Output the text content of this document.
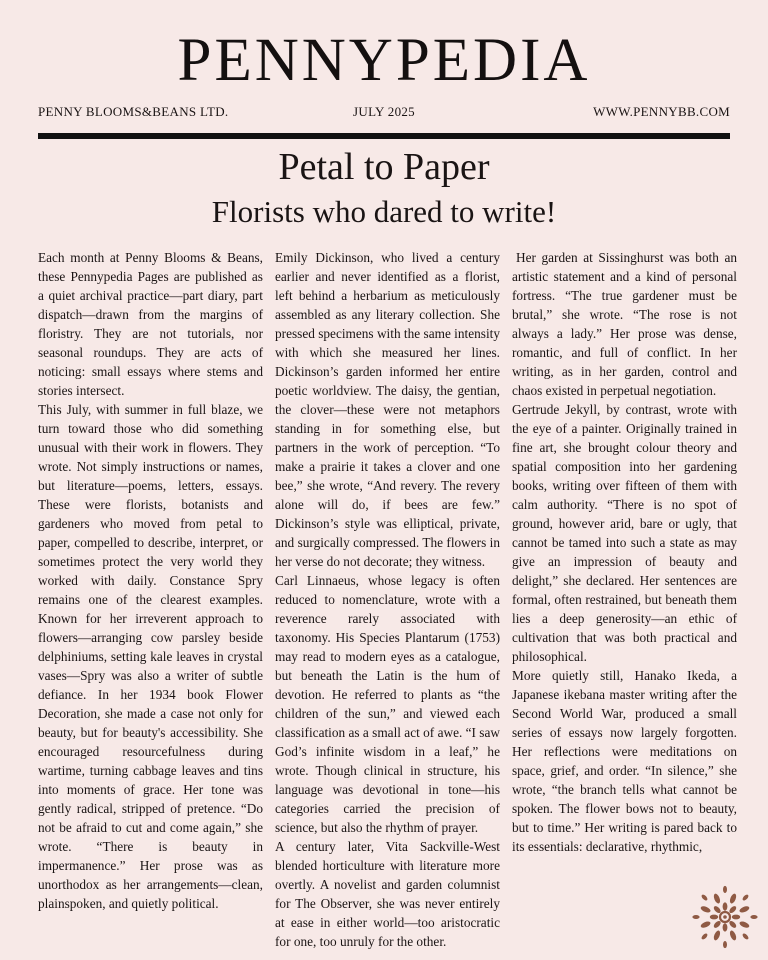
PENNYPEDIA
PENNY BLOOMS&BEANS LTD.	JULY 2025	WWW.PENNYBB.COM
Petal to Paper
Florists who dared to write!

Each month at Penny Blooms & Beans, these Pennypedia Pages are published as a quiet archival practice—part diary, part dispatch—drawn from the margins of floristry. They are not tutorials, nor seasonal roundups. They are acts of noticing: small essays where stems and stories intersect.

This July, with summer in full blaze, we turn toward those who did something unusual with their work in flowers. They wrote. Not simply instructions or names, but literature—poems, letters, essays. These were florists, botanists and gardeners who moved from petal to paper, compelled to describe, interpret, or sometimes protect the very world they worked with daily. Constance Spry remains one of the clearest examples. Known for her irreverent approach to flowers—arranging cow parsley beside delphiniums, setting kale leaves in crystal vases—Spry was also a writer of subtle defiance. In her 1934 book Flower Decoration, she made a case not only for beauty, but for beauty's accessibility. She encouraged resourcefulness during wartime, turning cabbage leaves and tins into moments of grace. Her tone was gently radical, stripped of pretence. “Do not be afraid to cut and come again,” she wrote. “There is beauty in impermanence.” Her prose was as unorthodox as her arrangements—clean, plainspoken, and quietly political.

Emily Dickinson, who lived a century earlier and never identified as a florist, left behind a herbarium as meticulously assembled as any literary collection. She pressed specimens with the same intensity with which she measured her lines. Dickinson’s garden informed her entire poetic worldview. The daisy, the gentian, the clover—these were not metaphors standing in for something else, but partners in the work of perception. “To make a prairie it takes a clover and one bee,” she wrote, “And revery. The revery alone will do, if bees are few.” Dickinson’s style was elliptical, private, and surgically compressed. The flowers in her verse do not decorate; they witness.

Carl Linnaeus, whose legacy is often reduced to nomenclature, wrote with a reverence rarely associated with taxonomy. His Species Plantarum (1753) may read to modern eyes as a catalogue, but beneath the Latin is the hum of devotion. He referred to plants as “the children of the sun,” and viewed each classification as a small act of awe. “I saw God’s infinite wisdom in a leaf,” he wrote. Though clinical in structure, his language was devotional in tone—his categories carried the precision of science, but also the rhythm of prayer.

A century later, Vita Sackville-West blended horticulture with literature more overtly. A novelist and garden columnist for The Observer, she was never entirely at ease in either world—too aristocratic for one, too unruly for the other.

Her garden at Sissinghurst was both an artistic statement and a kind of personal fortress. “The true gardener must be brutal,” she wrote. “The rose is not always a lady.” Her prose was dense, romantic, and full of conflict. In her writing, as in her garden, control and chaos existed in perpetual negotiation.

Gertrude Jekyll, by contrast, wrote with the eye of a painter. Originally trained in fine art, she brought colour theory and spatial composition into her gardening books, writing over fifteen of them with calm authority. “There is no spot of ground, however arid, bare or ugly, that cannot be tamed into such a state as may give an impression of beauty and delight,” she declared. Her sentences are formal, often restrained, but beneath them lies a deep generosity—an ethic of cultivation that was both practical and philosophical.

More quietly still, Hanako Ikeda, a Japanese ikebana master writing after the Second World War, produced a small series of essays now largely forgotten. Her reflections were meditations on space, grief, and order. “In silence,” she wrote, “the branch tells what cannot be spoken. The flower bows not to beauty, but to time.” Her writing is pared back to its essentials: declarative, rhythmic,
